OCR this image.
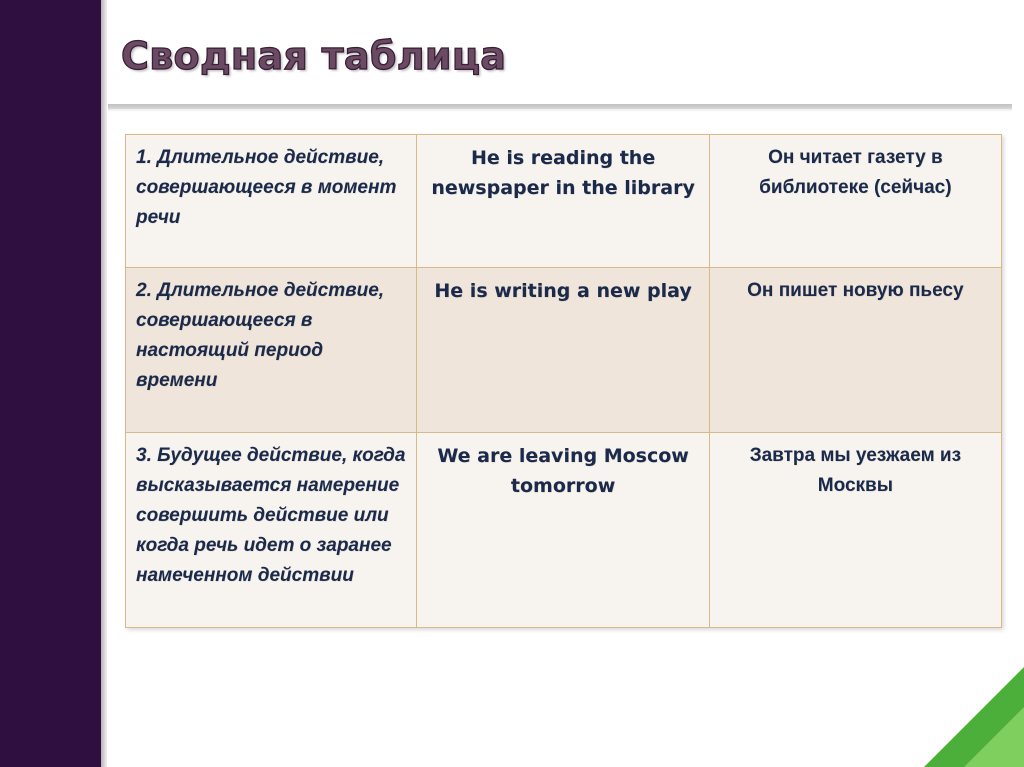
Сводная таблица
1. Длительное действие, совершающееся в момент речи	He is reading the newspaper in the library	Он читает газету в библиотеке (сейчас)
2. Длительное действие, совершающееся в настоящий период времени	He is writing a new play	Он пишет новую пьесу
3. Будущее действие, когда высказывается намерение совершить действие или когда речь идет о заранее намеченном действии	We are leaving Moscow tomorrow	Завтра мы уезжаем из Москвы
